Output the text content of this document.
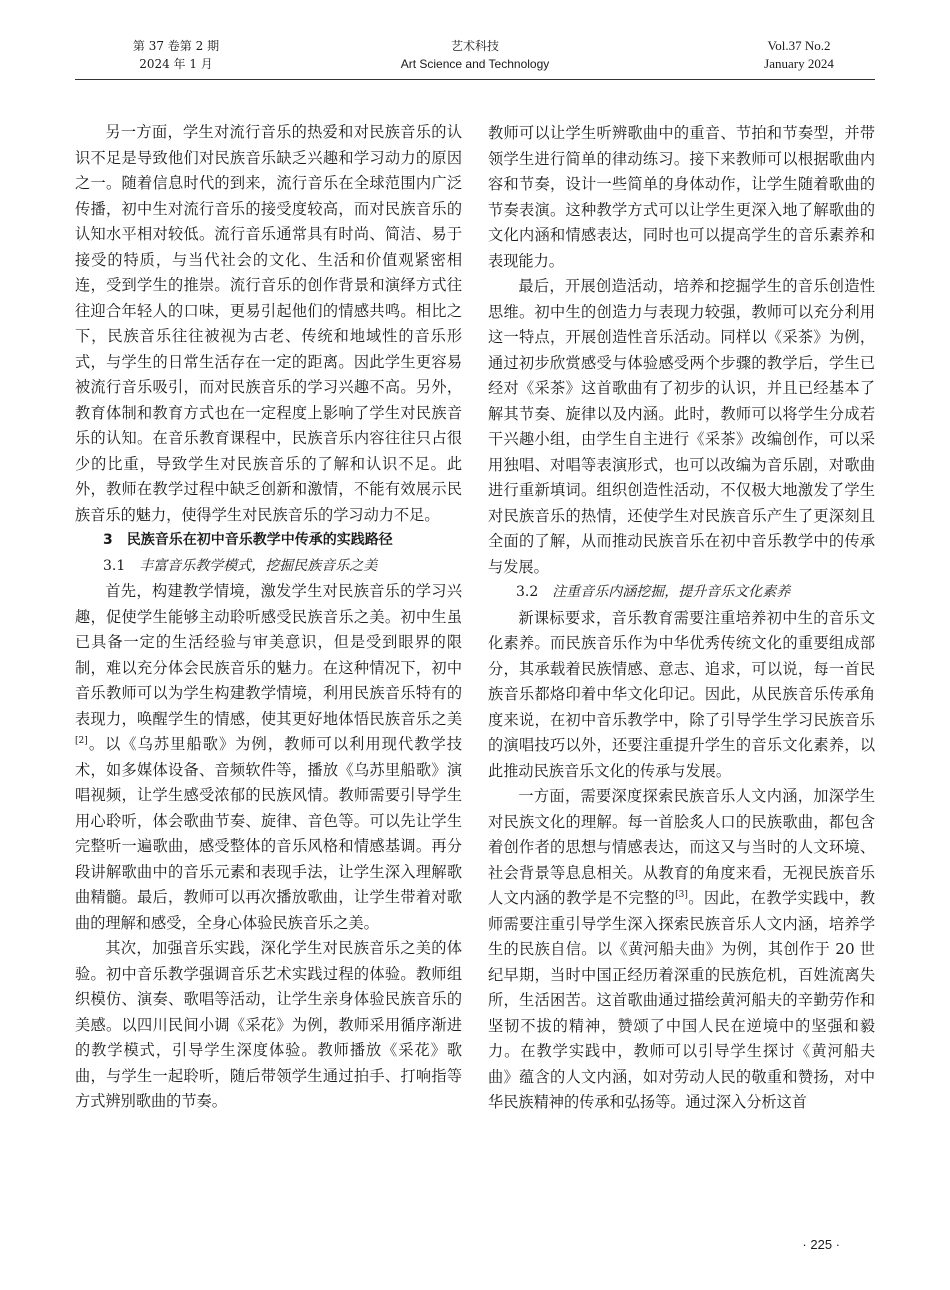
第 37 卷第 2 期
2024 年 1 月
艺术科技
Art Science and Technology
Vol.37 No.2
January 2024

另一方面，学生对流行音乐的热爱和对民族音乐的认识不足是导致他们对民族音乐缺乏兴趣和学习动力的原因之一。随着信息时代的到来，流行音乐在全球范围内广泛传播，初中生对流行音乐的接受度较高，而对民族音乐的认知水平相对较低。流行音乐通常具有时尚、简洁、易于接受的特质，与当代社会的文化、生活和价值观紧密相连，受到学生的推崇。流行音乐的创作背景和演绎方式往往迎合年轻人的口味，更易引起他们的情感共鸣。相比之下，民族音乐往往被视为古老、传统和地域性的音乐形式，与学生的日常生活存在一定的距离。因此学生更容易被流行音乐吸引，而对民族音乐的学习兴趣不高。另外，教育体制和教育方式也在一定程度上影响了学生对民族音乐的认知。在音乐教育课程中，民族音乐内容往往只占很少的比重，导致学生对民族音乐的了解和认识不足。此外，教师在教学过程中缺乏创新和激情，不能有效展示民族音乐的魅力，使得学生对民族音乐的学习动力不足。

3 民族音乐在初中音乐教学中传承的实践路径
3.1 丰富音乐教学模式，挖掘民族音乐之美

首先，构建教学情境，激发学生对民族音乐的学习兴趣，促使学生能够主动聆听感受民族音乐之美。初中生虽已具备一定的生活经验与审美意识，但是受到眼界的限制，难以充分体会民族音乐的魅力。在这种情况下，初中音乐教师可以为学生构建教学情境，利用民族音乐特有的表现力，唤醒学生的情感，使其更好地体悟民族音乐之美[2]。以《乌苏里船歌》为例，教师可以利用现代教学技术，如多媒体设备、音频软件等，播放《乌苏里船歌》演唱视频，让学生感受浓郁的民族风情。教师需要引导学生用心聆听，体会歌曲节奏、旋律、音色等。可以先让学生完整听一遍歌曲，感受整体的音乐风格和情感基调。再分段讲解歌曲中的音乐元素和表现手法，让学生深入理解歌曲精髓。最后，教师可以再次播放歌曲，让学生带着对歌曲的理解和感受，全身心体验民族音乐之美。

其次，加强音乐实践，深化学生对民族音乐之美的体验。初中音乐教学强调音乐艺术实践过程的体验。教师组织模仿、演奏、歌唱等活动，让学生亲身体验民族音乐的美感。以四川民间小调《采花》为例，教师采用循序渐进的教学模式，引导学生深度体验。教师播放《采花》歌曲，与学生一起聆听，随后带领学生通过拍手、打响指等方式辨别歌曲的节奏。

教师可以让学生听辨歌曲中的重音、节拍和节奏型，并带领学生进行简单的律动练习。接下来教师可以根据歌曲内容和节奏，设计一些简单的身体动作，让学生随着歌曲的节奏表演。这种教学方式可以让学生更深入地了解歌曲的文化内涵和情感表达，同时也可以提高学生的音乐素养和表现能力。

最后，开展创造活动，培养和挖掘学生的音乐创造性思维。初中生的创造力与表现力较强，教师可以充分利用这一特点，开展创造性音乐活动。同样以《采茶》为例，通过初步欣赏感受与体验感受两个步骤的教学后，学生已经对《采茶》这首歌曲有了初步的认识，并且已经基本了解其节奏、旋律以及内涵。此时，教师可以将学生分成若干兴趣小组，由学生自主进行《采茶》改编创作，可以采用独唱、对唱等表演形式，也可以改编为音乐剧，对歌曲进行重新填词。组织创造性活动，不仅极大地激发了学生对民族音乐的热情，还使学生对民族音乐产生了更深刻且全面的了解，从而推动民族音乐在初中音乐教学中的传承与发展。

3.2 注重音乐内涵挖掘，提升音乐文化素养

新课标要求，音乐教育需要注重培养初中生的音乐文化素养。而民族音乐作为中华优秀传统文化的重要组成部分，其承载着民族情感、意志、追求，可以说，每一首民族音乐都烙印着中华文化印记。因此，从民族音乐传承角度来说，在初中音乐教学中，除了引导学生学习民族音乐的演唱技巧以外，还要注重提升学生的音乐文化素养，以此推动民族音乐文化的传承与发展。

一方面，需要深度探索民族音乐人文内涵，加深学生对民族文化的理解。每一首脍炙人口的民族歌曲，都包含着创作者的思想与情感表达，而这又与当时的人文环境、社会背景等息息相关。从教育的角度来看，无视民族音乐人文内涵的教学是不完整的[3]。因此，在教学实践中，教师需要注重引导学生深入探索民族音乐人文内涵，培养学生的民族自信。以《黄河船夫曲》为例，其创作于 20 世纪早期，当时中国正经历着深重的民族危机，百姓流离失所，生活困苦。这首歌曲通过描绘黄河船夫的辛勤劳作和坚韧不拔的精神，赞颂了中国人民在逆境中的坚强和毅力。在教学实践中，教师可以引导学生探讨《黄河船夫曲》蕴含的人文内涵，如对劳动人民的敬重和赞扬，对中华民族精神的传承和弘扬等。通过深入分析这首

· 225 ·
